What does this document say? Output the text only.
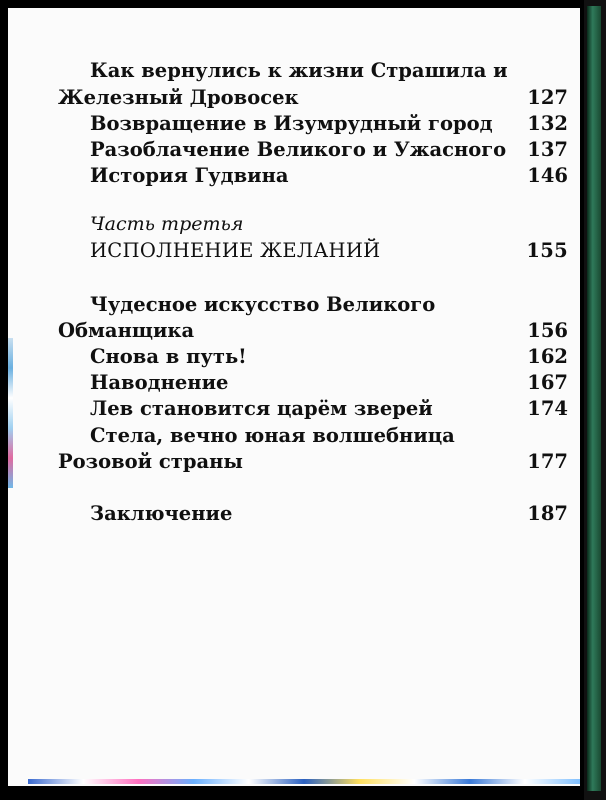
Как вернулись к жизни Страшила и
Железный Дровосек	127
Возвращение в Изумрудный город 132
Разоблачение Великого и Ужасного 137
История Гудвина	146
Часть третья
ИСПОЛНЕНИЕ ЖЕЛАНИЙ	155
Чудесное искусство Великого
Обманщика	156
Снова в путь!	162
Наводнение	167
Лев становится царём зверей	174
Стела, вечно юная волшебница
Розовой страны	177
Заключение	187
